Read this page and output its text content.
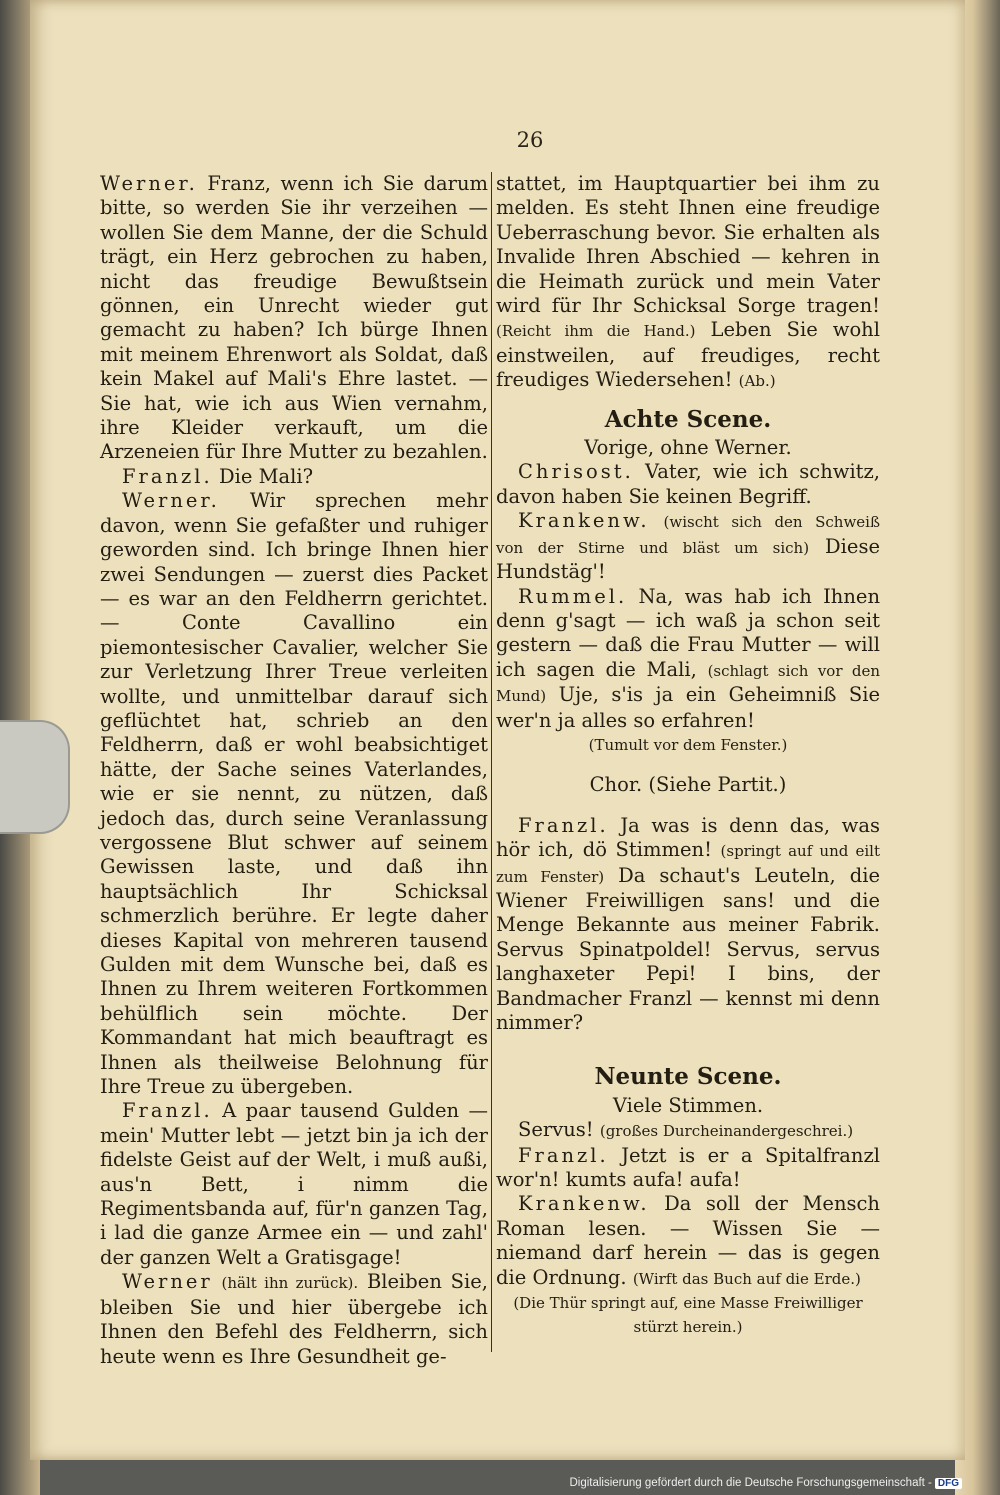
26

Werner. Franz, wenn ich Sie darum bitte, so werden Sie ihr verzeihen — wollen Sie dem Manne, der die Schuld trägt, ein Herz gebrochen zu haben, nicht das freudige Bewußtsein gönnen, ein Unrecht wieder gut gemacht zu haben? Ich bürge Ihnen mit meinem Ehrenwort als Soldat, daß kein Makel auf Mali's Ehre lastet. — Sie hat, wie ich aus Wien vernahm, ihre Kleider verkauft, um die Arzeneien für Ihre Mutter zu bezahlen.

Franzl. Die Mali?

Werner. Wir sprechen mehr davon, wenn Sie gefaßter und ruhiger geworden sind. Ich bringe Ihnen hier zwei Sendungen — zuerst dies Packet — es war an den Feldherrn gerichtet. — Conte Cavallino ein piemontesischer Cavalier, welcher Sie zur Verletzung Ihrer Treue verleiten wollte, und unmittelbar darauf sich geflüchtet hat, schrieb an den Feldherrn, daß er wohl beabsichtiget hätte, der Sache seines Vaterlandes, wie er sie nennt, zu nützen, daß jedoch das, durch seine Veranlassung vergossene Blut schwer auf seinem Gewissen laste, und daß ihn hauptsächlich Ihr Schicksal schmerzlich berühre. Er legte daher dieses Kapital von mehreren tausend Gulden mit dem Wunsche bei, daß es Ihnen zu Ihrem weiteren Fortkommen behülflich sein möchte. Der Kommandant hat mich beauftragt es Ihnen als theilweise Belohnung für Ihre Treue zu übergeben.

Franzl. A paar tausend Gulden — mein' Mutter lebt — jetzt bin ja ich der fidelste Geist auf der Welt, i muß außi, aus'n Bett, i nimm die Regimentsbanda auf, für'n ganzen Tag, i lad die ganze Armee ein — und zahl' der ganzen Welt a Gratisgage!

Werner (hält ihn zurück). Bleiben Sie, bleiben Sie und hier übergebe ich Ihnen den Befehl des Feldherrn, sich heute wenn es Ihre Gesundheit ge-

stattet, im Hauptquartier bei ihm zu melden. Es steht Ihnen eine freudige Ueberraschung bevor. Sie erhalten als Invalide Ihren Abschied — kehren in die Heimath zurück und mein Vater wird für Ihr Schicksal Sorge tragen! (Reicht ihm die Hand.) Leben Sie wohl einstweilen, auf freudiges, recht freudiges Wiedersehen! (Ab.)

Achte Scene.

Vorige, ohne Werner.

Chrisost. Vater, wie ich schwitz, davon haben Sie keinen Begriff.

Krankenw. (wischt sich den Schweiß von der Stirne und bläst um sich) Diese Hundstäg'!

Rummel. Na, was hab ich Ihnen denn g'sagt — ich waß ja schon seit gestern — daß die Frau Mutter — will ich sagen die Mali, (schlagt sich vor den Mund) Uje, s'is ja ein Geheimniß Sie wer'n ja alles so erfahren!

(Tumult vor dem Fenster.)

Chor. (Siehe Partit.)

Franzl. Ja was is denn das, was hör ich, dö Stimmen! (springt auf und eilt zum Fenster) Da schaut's Leuteln, die Wiener Freiwilligen sans! und die Menge Bekannte aus meiner Fabrik. Servus Spinatpoldel! Servus, servus langhaxeter Pepi! I bins, der Bandmacher Franzl — kennst mi denn nimmer?

Neunte Scene.

Viele Stimmen.

Servus! (großes Durcheinandergeschrei.)

Franzl. Jetzt is er a Spitalfranzl wor'n! kumts aufa! aufa!

Krankenw. Da soll der Mensch Roman lesen. — Wissen Sie — niemand darf herein — das is gegen die Ordnung. (Wirft das Buch auf die Erde.)

(Die Thür springt auf, eine Masse Freiwilliger stürzt herein.)

Digitalisierung gefördert durch die Deutsche Forschungsgemeinschaft - DFG
